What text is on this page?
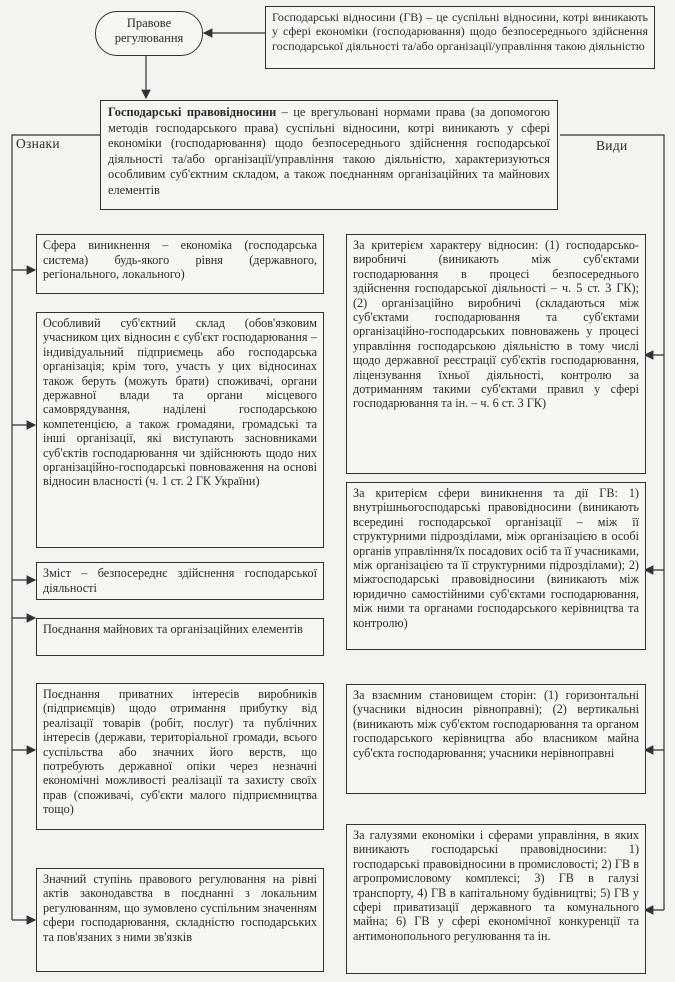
Правове регулювання

Господарські відносини (ГВ) – це суспільні відносини, котрі виникають у сфері економіки (господарювання) щодо безпосереднього здійснення господарської діяльності та/або організації/управління такою діяльністю

Господарські правовідносини – це врегульовані нормами права (за допомогою методів господарського права) суспільні відносини, котрі виникають у сфері економіки (господарювання) щодо безпосереднього здійснення господарської діяльності та/або організації/управління такою діяльністю, характеризуються особливим суб'єктним складом, а також поєднанням організаційних та майнових елементів

Ознаки	Види

Сфера виникнення – економіка (господарська система) будь-якого рівня (державного, регіонального, локального)

Особливий суб'єктний склад (обов'язковим учасником цих відносин є суб'єкт господарювання – індивідуальний підприємець або господарська організація; крім того, участь у цих відносинах також беруть (можуть брати) споживачі, органи державної влади та органи місцевого самоврядування, наділені господарською компетенцією, а також громадяни, громадські та інші організації, які виступають засновниками суб'єктів господарювання чи здійснюють щодо них організаційно-господарські повноваження на основі відносин власності (ч. 1 ст. 2 ГК України)

Зміст – безпосереднє здійснення господарської діяльності

Поєднання майнових та організаційних елементів

Поєднання приватних інтересів виробників (підприємців) щодо отримання прибутку від реалізації товарів (робіт, послуг) та публічних інтересів (держави, територіальної громади, всього суспільства або значних його верств, що потребують державної опіки через незначні економічні можливості реалізації та захисту своїх прав (споживачі, суб'єкти малого підприємництва тощо)

Значний ступінь правового регулювання на рівні актів законодавства в поєднанні з локальним регулюванням, що зумовлено суспільним значенням сфери господарювання, складністю господарських та пов'язаних з ними зв'язків

За критерієм характеру відносин: (1) господарсько-виробничі (виникають між суб'єктами господарювання в процесі безпосереднього здійснення господарської діяльності – ч. 5 ст. 3 ГК); (2) організаційно виробничі (складаються між суб'єктами господарювання та суб'єктами організаційно-господарських повноважень у процесі управління господарською діяльністю в тому числі щодо державної реєстрації суб'єктів господарювання, ліцензування їхньої діяльності, контролю за дотриманням такими суб'єктами правил у сфері господарювання та ін. – ч. 6 ст. 3 ГК)

За критерієм сфери виникнення та дії ГВ: 1) внутрішньогосподарські правовідносини (виникають всередині господарської організації – між її структурними підрозділами, між організацією в особі органів управління/їх посадових осіб та її учасниками, між організацією та її структурними підрозділами); 2) міжгосподарські правовідносини (виникають між юридично самостійними суб'єктами господарювання, між ними та органами господарського керівництва та контролю)

За взаємним становищем сторін: (1) горизонтальні (учасники відносин рівноправні); (2) вертикальні (виникають між суб'єктом господарювання та органом господарського керівництва або власником майна суб'єкта господарювання; учасники нерівноправні

За галузями економіки і сферами управління, в яких виникають господарські правовідносини: 1) господарські правовідносини в промисловості; 2) ГВ в агропромисловому комплексі; 3) ГВ в галузі транспорту, 4) ГВ в капітальному будівництві; 5) ГВ у сфері приватизації державного та комунального майна; 6) ГВ у сфері економічної конкуренції та антимонопольного регулювання та ін.
